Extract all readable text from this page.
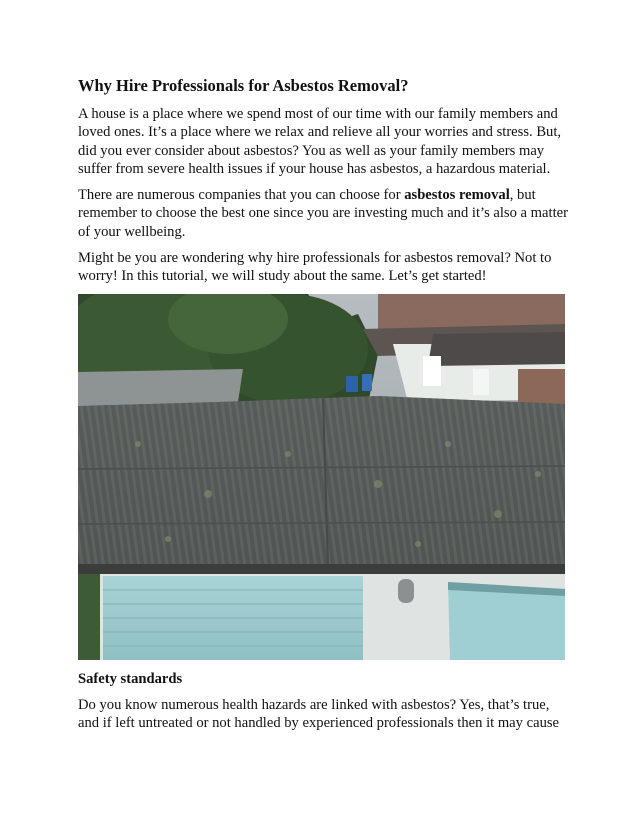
Why Hire Professionals for Asbestos Removal?

A house is a place where we spend most of our time with our family members and loved ones. It’s a place where we relax and relieve all your worries and stress. But, did you ever consider about asbestos? You as well as your family members may suffer from severe health issues if your house has asbestos, a hazardous material.

There are numerous companies that you can choose for asbestos removal, but remember to choose the best one since you are investing much and it’s also a matter of your wellbeing.

Might be you are wondering why hire professionals for asbestos removal? Not to worry! In this tutorial, we will study about the same. Let’s get started!

Safety standards

Do you know numerous health hazards are linked with asbestos? Yes, that’s true, and if left untreated or not handled by experienced professionals then it may cause
